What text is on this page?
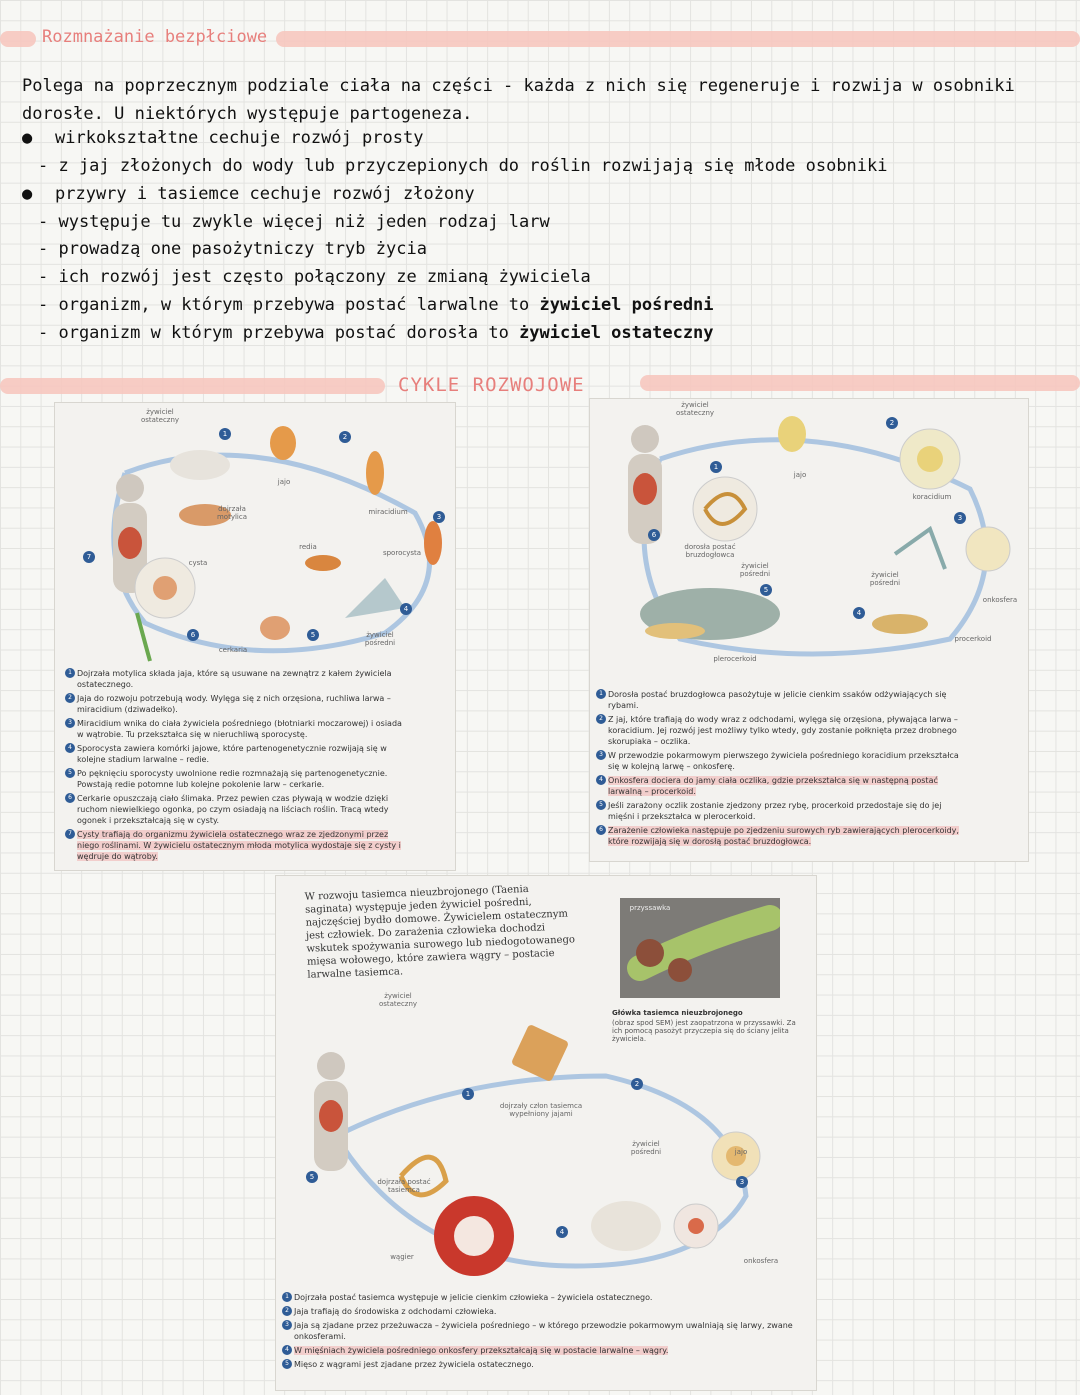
Rozmnażanie bezpłciowe
Polega na poprzecznym podziale ciała na części - każda z nich się regeneruje i rozwija w osobniki dorosłe. U niektórych występuje partogeneza.
● wirkokształtne cechuje rozwój prosty
- z jaj złożonych do wody lub przyczepionych do roślin rozwijają się młode osobniki
● przywry i tasiemce cechuje rozwój złożony
- występuje tu zwykle więcej niż jeden rodzaj larw
- prowadzą one pasożytniczy tryb życia
- ich rozwój jest często połączony ze zmianą żywiciela
- organizm, w którym przebywa postać larwalne to żywiciel pośredni
- organizm w którym przebywa postać dorosła to żywiciel ostateczny
CYKLE ROZWOJOWE
żywiciel ostateczny
jajo
dojrzała motylica
miracidium
redia
sporocysta
cysta
żywiciel pośredni
cerkaria
1	2
3
4
5
6
7

1 Dojrzała motylica składa jaja, które są usuwane na zewnątrz z kałem żywiciela ostatecznego.

2 Jaja do rozwoju potrzebują wody. Wylęga się z nich orzęsiona, ruchliwa larwa – miracidium (dziwadełko).

3 Miracidium wnika do ciała żywiciela pośredniego (błotniarki moczarowej) i osiada w wątrobie. Tu przekształca się w nieruchliwą sporocystę.

4 Sporocysta zawiera komórki jajowe, które partenogenetycznie rozwijają się w kolejne stadium larwalne – redie.

5 Po pęknięciu sporocysty uwolnione redie rozmnażają się partenogenetycznie. Powstają redie potomne lub kolejne pokolenie larw – cerkarie.

6 Cerkarie opuszczają ciało ślimaka. Przez pewien czas pływają w wodzie dzięki ruchom niewielkiego ogonka, po czym osiadają na liściach roślin. Tracą wtedy ogonek i przekształcają się w cysty.

7 Cysty trafiają do organizmu żywiciela ostatecznego wraz ze zjedzonymi przez niego roślinami. W żywicielu ostatecznym młoda motylica wydostaje się z cysty i wędruje do wątroby.

żywiciel ostateczny
jajo
koracidium
dorosła postać bruzdogłowca
żywiciel pośredni	żywiciel pośredni
onkosfera
procerkoid
plerocerkoid
1
2
3
4
5
6

1 Dorosła postać bruzdogłowca pasożytuje w jelicie cienkim ssaków odżywiających się rybami.

2 Z jaj, które trafiają do wody wraz z odchodami, wylęga się orzęsiona, pływająca larwa – koracidium. Jej rozwój jest możliwy tylko wtedy, gdy zostanie połknięta przez drobnego skorupiaka – oczlika.

3 W przewodzie pokarmowym pierwszego żywiciela pośredniego koracidium przekształca się w kolejną larwę – onkosferę.

4 Onkosfera dociera do jamy ciała oczlika, gdzie przekształca się w następną postać larwalną – procerkoid.

5 Jeśli zarażony oczlik zostanie zjedzony przez rybę, procerkoid przedostaje się do jej mięśni i przekształca w plerocerkoid.

6 Zarażenie człowieka następuje po zjedzeniu surowych ryb zawierających plerocerkoidy, które rozwijają się w dorosłą postać bruzdogłowca.

W rozwoju tasiemca nieuzbrojonego (Taenia saginata) występuje jeden żywiciel pośredni, najczęściej bydło domowe. Żywicielem ostatecznym jest człowiek. Do zarażenia człowieka dochodzi wskutek spożywania surowego lub niedogotowanego mięsa wołowego, które zawiera wągry – postacie larwalne tasiemca.
przyssawka
Główka tasiemca nieuzbrojonego
(obraz spod SEM) jest zaopatrzona w przyssawki. Za ich pomocą pasożyt przyczepia się do ściany jelita żywiciela.
żywiciel ostateczny
dojrzały człon tasiemca wypełniony jajami
żywiciel pośredni	jajo
dojrzała postać tasiemca
wągier	onkosfera
1
2
3
4
5

1 Dojrzała postać tasiemca występuje w jelicie cienkim człowieka – żywiciela ostatecznego.

2 Jaja trafiają do środowiska z odchodami człowieka.

3 Jaja są zjadane przez przeżuwacza – żywiciela pośredniego – w którego przewodzie pokarmowym uwalniają się larwy, zwane onkosferami.

4 W mięśniach żywiciela pośredniego onkosfery przekształcają się w postacie larwalne – wągry.

5 Mięso z wągrami jest zjadane przez żywiciela ostatecznego.
